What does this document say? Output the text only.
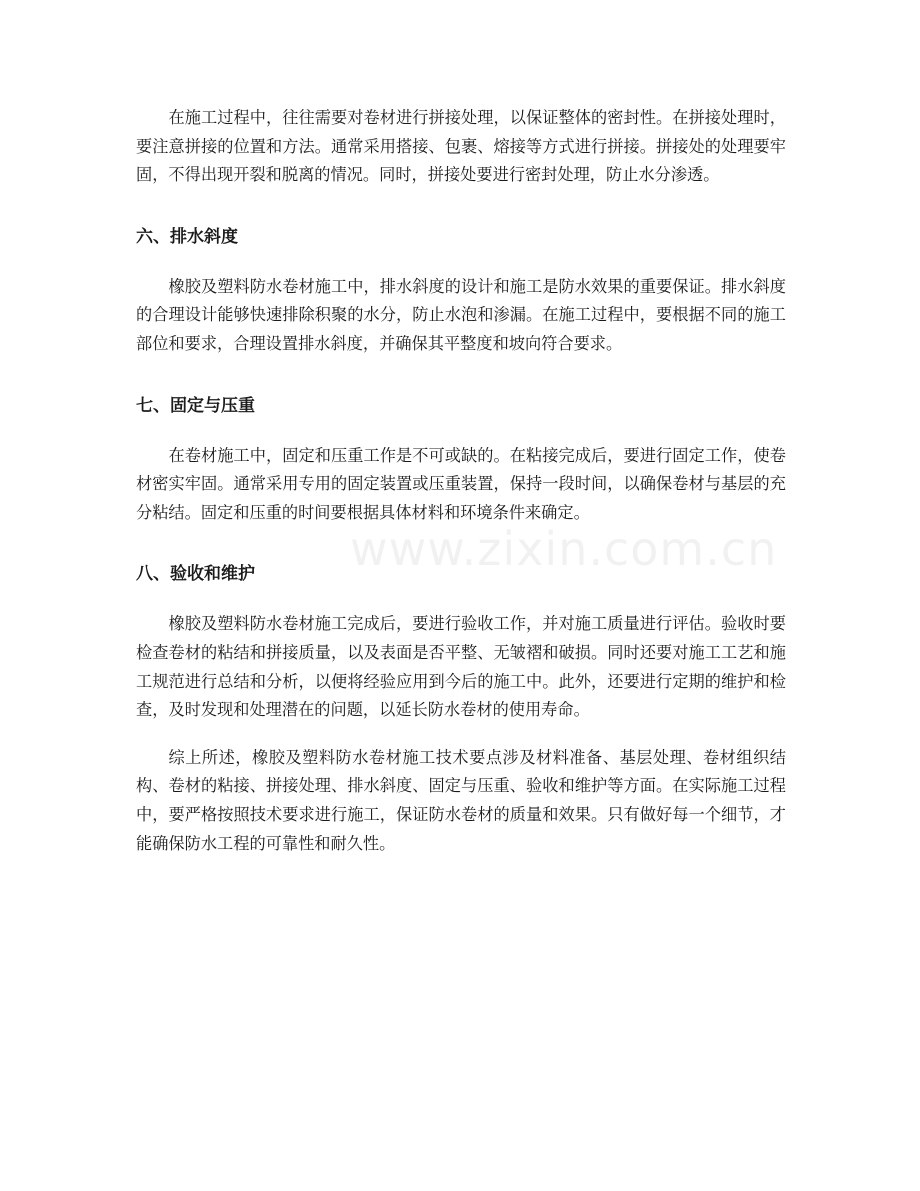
在施工过程中，往往需要对卷材进行拼接处理，以保证整体的密封性。在拼接处理时，要注意拼接的位置和方法。通常采用搭接、包裹、熔接等方式进行拼接。拼接处的处理要牢固，不得出现开裂和脱离的情况。同时，拼接处要进行密封处理，防止水分渗透。

六、排水斜度

橡胶及塑料防水卷材施工中，排水斜度的设计和施工是防水效果的重要保证。排水斜度的合理设计能够快速排除积聚的水分，防止水泡和渗漏。在施工过程中，要根据不同的施工部位和要求，合理设置排水斜度，并确保其平整度和坡向符合要求。

七、固定与压重

在卷材施工中，固定和压重工作是不可或缺的。在粘接完成后，要进行固定工作，使卷材密实牢固。通常采用专用的固定装置或压重装置，保持一段时间，以确保卷材与基层的充分粘结。固定和压重的时间要根据具体材料和环境条件来确定。

八、验收和维护

橡胶及塑料防水卷材施工完成后，要进行验收工作，并对施工质量进行评估。验收时要检查卷材的粘结和拼接质量，以及表面是否平整、无皱褶和破损。同时还要对施工工艺和施工规范进行总结和分析，以便将经验应用到今后的施工中。此外，还要进行定期的维护和检查，及时发现和处理潜在的问题，以延长防水卷材的使用寿命。

综上所述，橡胶及塑料防水卷材施工技术要点涉及材料准备、基层处理、卷材组织结构、卷材的粘接、拼接处理、排水斜度、固定与压重、验收和维护等方面。在实际施工过程中，要严格按照技术要求进行施工，保证防水卷材的质量和效果。只有做好每一个细节，才能确保防水工程的可靠性和耐久性。

www.zixin.com.cn
